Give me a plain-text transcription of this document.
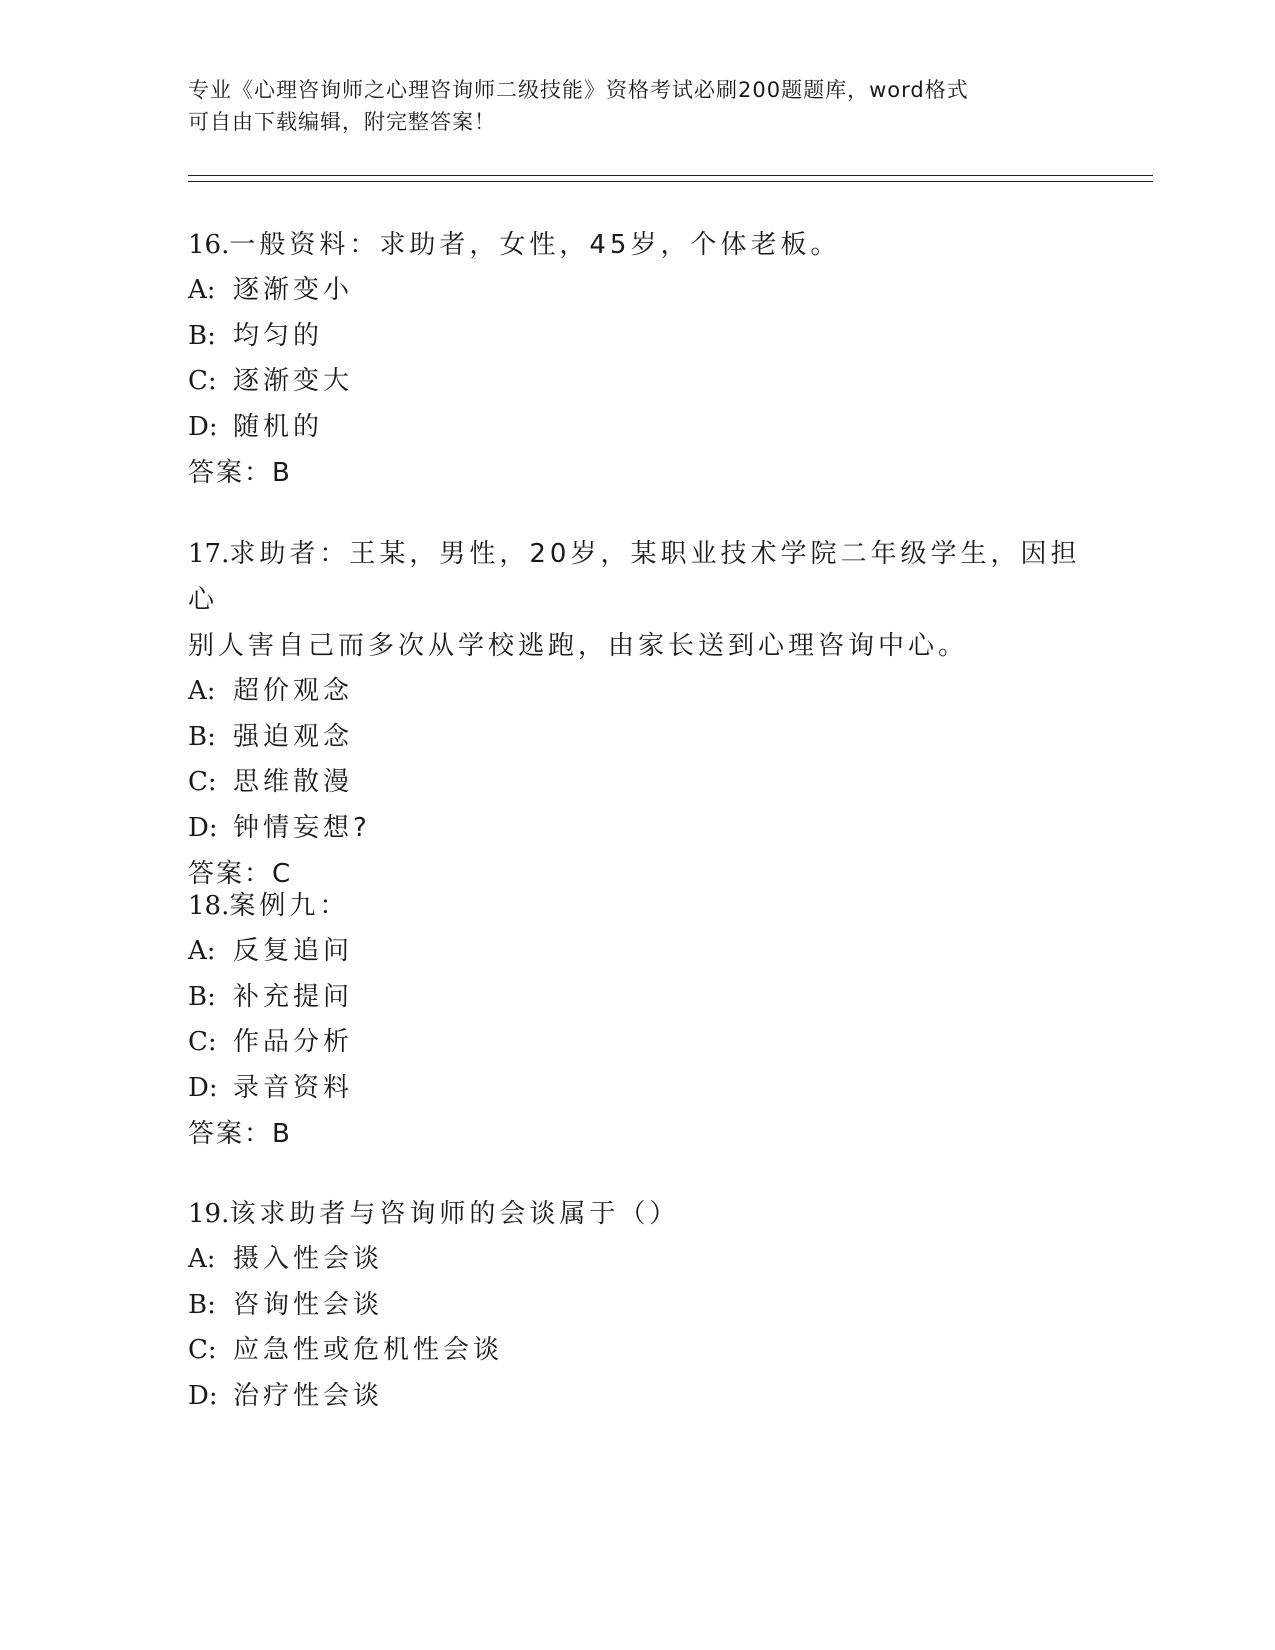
专业《心理咨询师之心理咨询师二级技能》资格考试必刷200题题库，word格式
可自由下载编辑，附完整答案！
16.一般资料：求助者，女性，45岁，个体老板。
A: 逐渐变小
B: 均匀的
C: 逐渐变大
D: 随机的
答案：B
17.求助者：王某，男性，20岁，某职业技术学院二年级学生，因担心
别人害自己而多次从学校逃跑，由家长送到心理咨询中心。
A: 超价观念
B: 强迫观念
C: 思维散漫
D: 钟情妄想?
答案：C
18.案例九：
A: 反复追问
B: 补充提问
C: 作品分析
D: 录音资料
答案：B
19.该求助者与咨询师的会谈属于（）
A: 摄入性会谈
B: 咨询性会谈
C: 应急性或危机性会谈
D: 治疗性会谈
